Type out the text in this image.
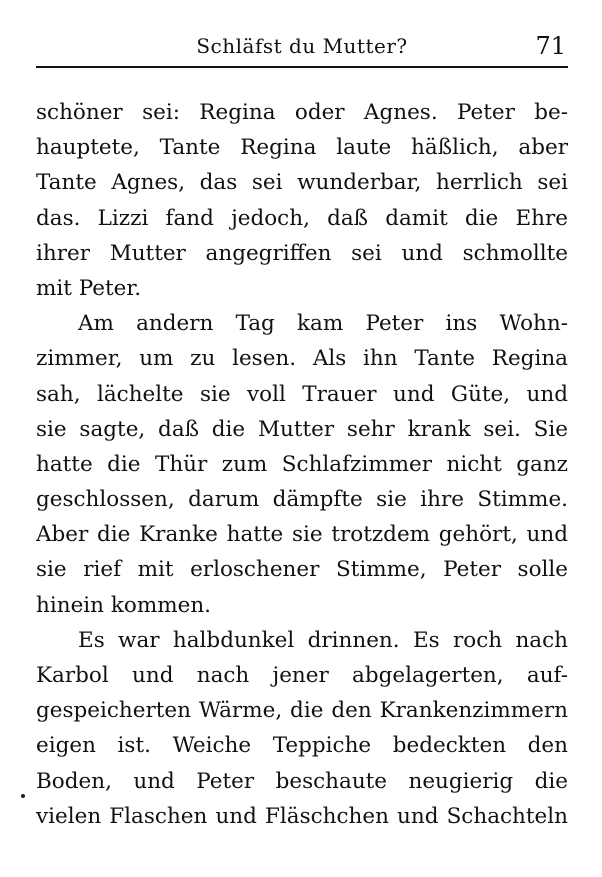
Schläfst du Mutter?	71
schöner sei: Regina oder Agnes. Peter be-
hauptete, Tante Regina laute häßlich, aber
Tante Agnes, das sei wunderbar, herrlich sei
das. Lizzi fand jedoch, daß damit die Ehre
ihrer Mutter angegriffen sei und schmollte
mit Peter.
Am andern Tag kam Peter ins Wohn-
zimmer, um zu lesen. Als ihn Tante Regina
sah, lächelte sie voll Trauer und Güte, und
sie sagte, daß die Mutter sehr krank sei. Sie
hatte die Thür zum Schlafzimmer nicht ganz
geschlossen, darum dämpfte sie ihre Stimme.
Aber die Kranke hatte sie trotzdem gehört, und
sie rief mit erloschener Stimme, Peter solle
hinein kommen.
Es war halbdunkel drinnen. Es roch nach
Karbol und nach jener abgelagerten, auf-
gespeicherten Wärme, die den Krankenzimmern
eigen ist. Weiche Teppiche bedeckten den
Boden, und Peter beschaute neugierig die
vielen Flaschen und Fläschchen und Schachteln
